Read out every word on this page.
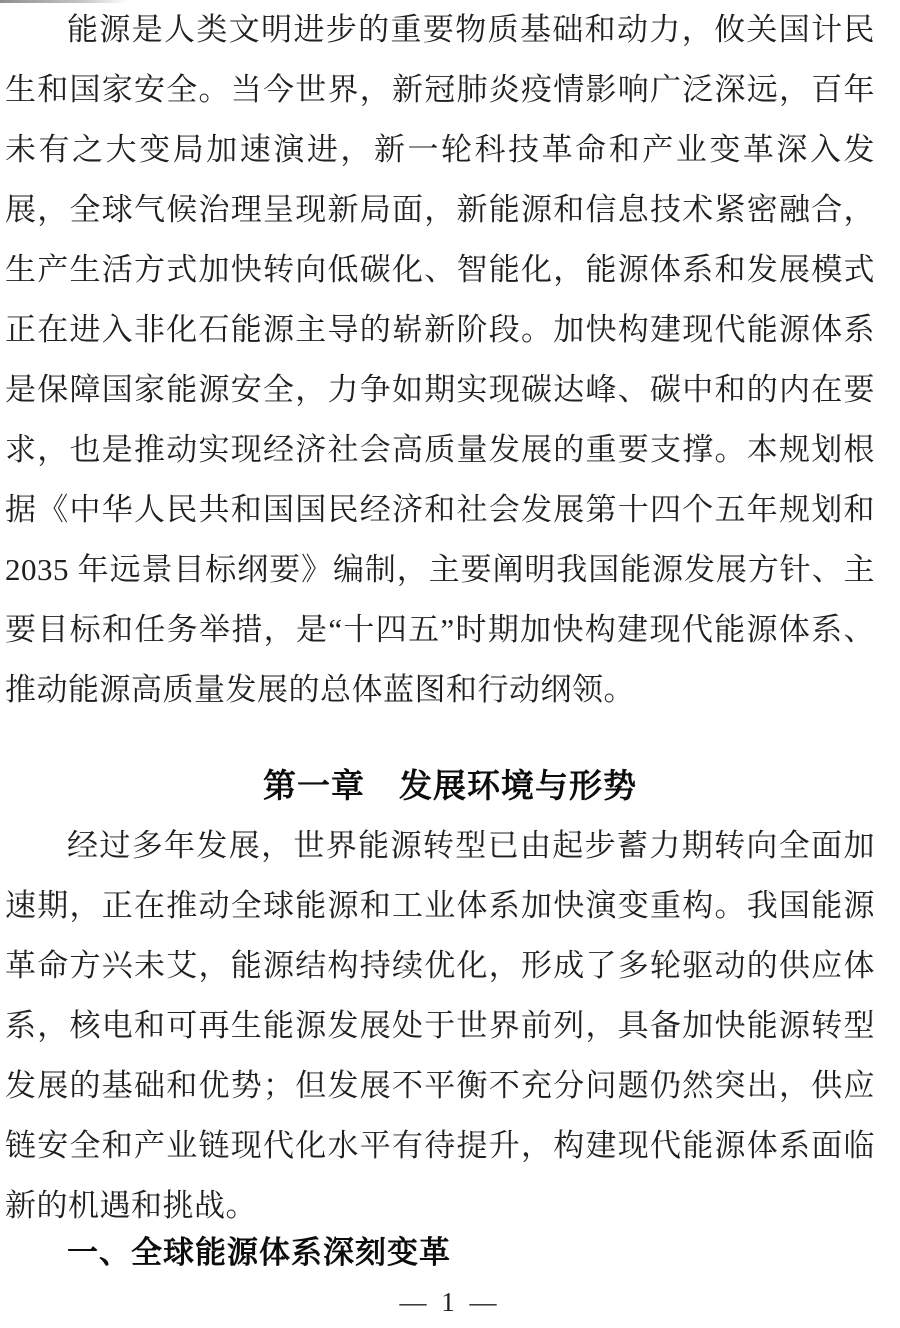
能源是人类文明进步的重要物质基础和动力，攸关国计民生和国家安全。当今世界，新冠肺炎疫情影响广泛深远，百年未有之大变局加速演进，新一轮科技革命和产业变革深入发展，全球气候治理呈现新局面，新能源和信息技术紧密融合，生产生活方式加快转向低碳化、智能化，能源体系和发展模式正在进入非化石能源主导的崭新阶段。加快构建现代能源体系是保障国家能源安全，力争如期实现碳达峰、碳中和的内在要求，也是推动实现经济社会高质量发展的重要支撑。本规划根据《中华人民共和国国民经济和社会发展第十四个五年规划和 2035 年远景目标纲要》编制，主要阐明我国能源发展方针、主要目标和任务举措，是“十四五”时期加快构建现代能源体系、推动能源高质量发展的总体蓝图和行动纲领。

第一章　发展环境与形势

经过多年发展，世界能源转型已由起步蓄力期转向全面加速期，正在推动全球能源和工业体系加快演变重构。我国能源革命方兴未艾，能源结构持续优化，形成了多轮驱动的供应体系，核电和可再生能源发展处于世界前列，具备加快能源转型发展的基础和优势；但发展不平衡不充分问题仍然突出，供应链安全和产业链现代化水平有待提升，构建现代能源体系面临新的机遇和挑战。

一、全球能源体系深刻变革
— 1 —
